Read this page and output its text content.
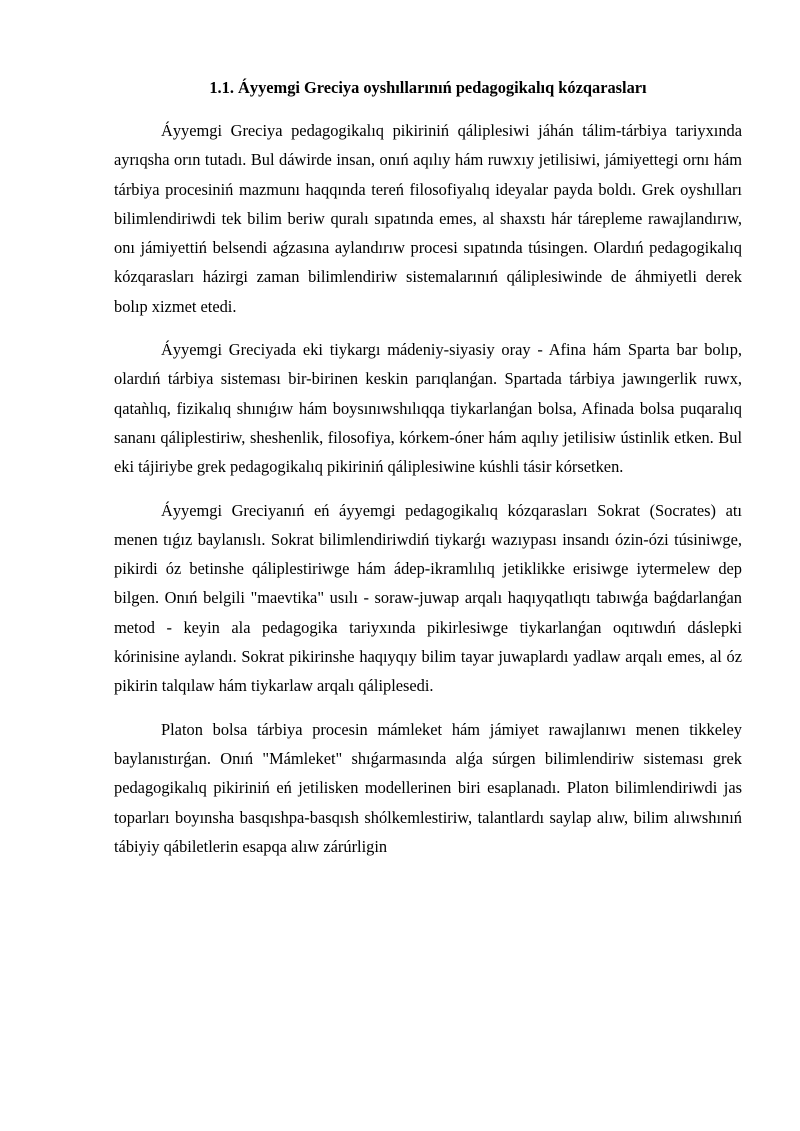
1.1. Áyyemgi Greciya oyshıllarınıń pedagogikalıq kózqarasları

Áyyemgi Greciya pedagogikalıq pikiriniń qáliplesiwi jáhán tálim-tárbiya tariyxında ayrıqsha orın tutadı. Bul dáwirde insan, onıń aqılıy hám ruwxıy jetilisiwi, jámiyettegi ornı hám tárbiya procesiniń mazmunı haqqında tereń filosofiyalıq ideyalar payda boldı. Grek oyshılları bilimlendiriwdi tek bilim beriw quralı sıpatında emes, al shaxstı hár tárepleme rawajlandırıw, onı jámiyettiń belsendi aǵzasına aylandırıw procesi sıpatında túsingen. Olardıń pedagogikalıq kózqarasları házirgi zaman bilimlendiriw sistemalarınıń qáliplesiwinde de áhmiyetli derek bolıp xizmet etedi.

Áyyemgi Greciyada eki tiykargı mádeniy-siyasiy oray - Afina hám Sparta bar bolıp, olardıń tárbiya sisteması bir-birinen keskin parıqlanǵan. Spartada tárbiya jawıngerlik ruwx, qataǹlıq, fizikalıq shınıǵıw hám boysınıwshılıqqa tiykarlanǵan bolsa, Afinada bolsa puqaralıq sananı qáliplestiriw, sheshenlik, filosofiya, kórkem-óner hám aqılıy jetilisiw ústinlik etken. Bul eki tájiriybe grek pedagogikalıq pikiriniń qáliplesiwine kúshli tásir kórsetken.

Áyyemgi Greciyanıń eń áyyemgi pedagogikalıq kózqarasları Sokrat (Socrates) atı menen tıǵız baylanıslı. Sokrat bilimlendiriwdiń tiykarǵı wazıypası insandı ózin-ózi túsiniwge, pikirdi óz betinshe qáliplestiriwge hám ádep-ikramlılıq jetiklikke erisiwge iytermelew dep bilgen. Onıń belgili "maevtika" usılı - soraw-juwap arqalı haqıyqatlıqtı tabıwǵa baǵdarlanǵan metod - keyin ala pedagogika tariyxında pikirlesiwge tiykarlanǵan oqıtıwdıń dáslepki kórinisine aylandı. Sokrat pikirinshe haqıyqıy bilim tayar juwaplardı yadlaw arqalı emes, al óz pikirin talqılaw hám tiykarlaw arqalı qáliplesedi.

Platon bolsa tárbiya procesin mámleket hám jámiyet rawajlanıwı menen tikkeley baylanıstırǵan. Onıń "Mámleket" shıǵarmasında alǵa súrgen bilimlendiriw sisteması grek pedagogikalıq pikiriniń eń jetilisken modellerinen biri esaplanadı. Platon bilimlendiriwdi jas toparları boyınsha basqıshpa-basqısh shólkemlestiriw, talantlardı saylap alıw, bilim alıwshınıń tábiyiy qábiletlerin esapqa alıw zárúrligin
